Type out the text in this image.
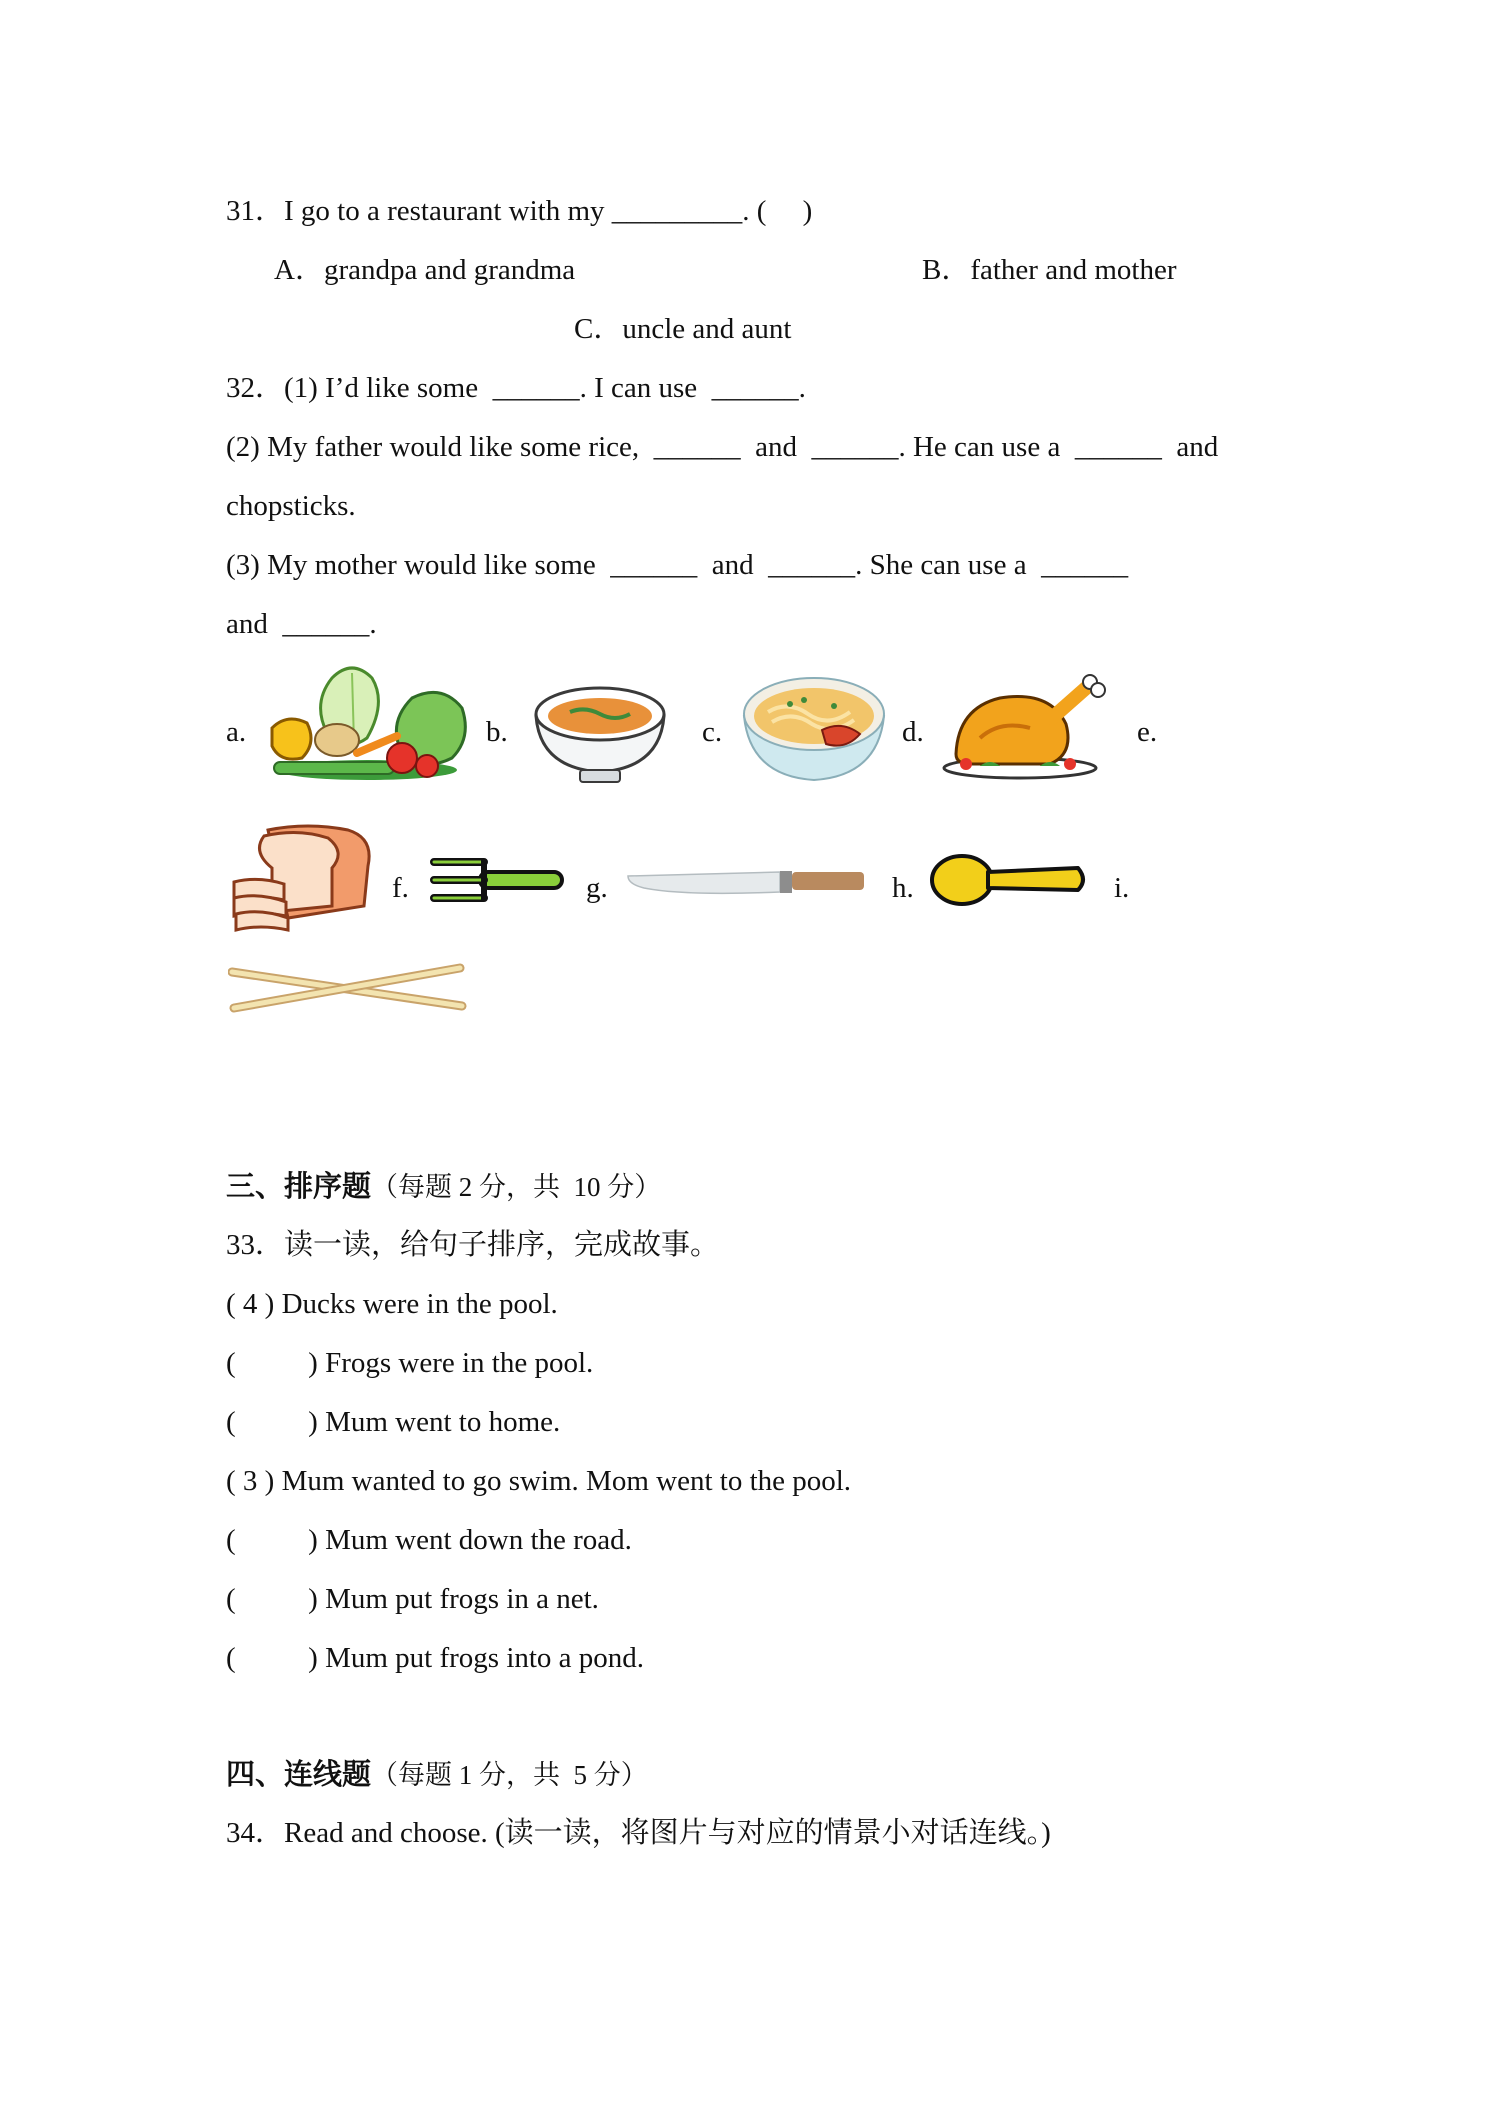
31．I go to a restaurant with my _________. (     )
A．grandpa and grandma	B．father and mother
C．uncle and aunt
32．(1) I’d like some  ______. I can use  ______.
(2) My father would like some rice,  ______  and  ______. He can use a  ______  and
chopsticks.
(3) My mother would like some  ______  and  ______. She can use a  ______
and  ______.
a.	b.	c.	d.	e.
f.	g.	h.	i.
三、排序题（每题 2 分，共  10 分）
33．读一读，给句子排序，完成故事。
( 4 ) Ducks were in the pool.
(          ) Frogs were in the pool.
(          ) Mum went to home.
( 3 ) Mum wanted to go swim. Mom went to the pool.
(          ) Mum went down the road.
(          ) Mum put frogs in a net.
(          ) Mum put frogs into a pond.
四、连线题（每题 1 分，共  5 分）
34．Read and choose. (读一读，将图片与对应的情景小对话连线。)
